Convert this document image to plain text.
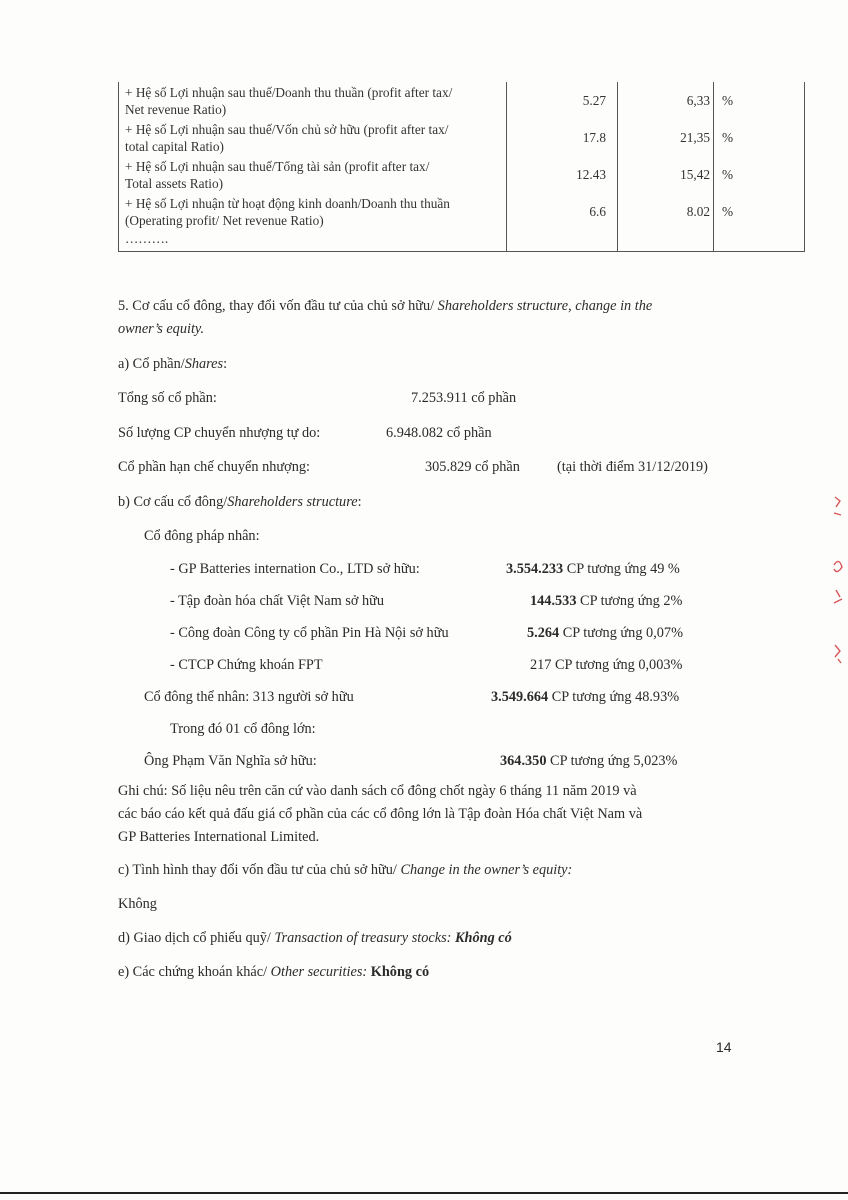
+ Hệ số Lợi nhuận sau thuế/Doanh thu thuần (profit after tax/
Net revenue Ratio)	5.27	6,33	%
+ Hệ số Lợi nhuận sau thuế/Vốn chủ sở hữu (profit after tax/
total capital Ratio)	17.8	21,35	%
+ Hệ số Lợi nhuận sau thuế/Tổng tài sản (profit after tax/
Total assets Ratio)	12.43	15,42	%
+ Hệ số Lợi nhuận từ hoạt động kinh doanh/Doanh thu thuần
(Operating profit/ Net revenue Ratio)	6.6	8.02	%
……….			
5. Cơ cấu cổ đông, thay đổi vốn đầu tư của chủ sở hữu/ Shareholders structure, change in the
owner’s equity.
a) Cổ phần/Shares:
Tổng số cổ phần:	7.253.911 cổ phần
Số lượng CP chuyển nhượng tự do:	6.948.082 cổ phần
Cổ phần hạn chế chuyển nhượng:	305.829 cổ phần	(tại thời điểm 31/12/2019)
b) Cơ cấu cổ đông/Shareholders structure:
Cổ đông pháp nhân:
- GP Batteries internation Co., LTD sở hữu:	3.554.233 CP tương ứng 49 %
- Tập đoàn hóa chất Việt Nam sở hữu	144.533 CP tương ứng 2%
- Công đoàn Công ty cổ phần Pin Hà Nội sở hữu	5.264 CP tương ứng 0,07%
- CTCP Chứng khoán FPT	217 CP tương ứng 0,003%
Cổ đông thể nhân: 313 người sở hữu	3.549.664 CP tương ứng 48.93%
Trong đó 01 cổ đông lớn:
Ông Phạm Văn Nghĩa sở hữu:	364.350 CP tương ứng 5,023%
Ghi chú: Số liệu nêu trên căn cứ vào danh sách cổ đông chốt ngày 6 tháng 11 năm 2019 và
các báo cáo kết quả đấu giá cổ phần của các cổ đông lớn là Tập đoàn Hóa chất Việt Nam và
GP Batteries International Limited.
c) Tình hình thay đổi vốn đầu tư của chủ sở hữu/ Change in the owner’s equity:
Không
d) Giao dịch cổ phiếu quỹ/ Transaction of treasury stocks: Không có
e) Các chứng khoán khác/ Other securities: Không có
14
